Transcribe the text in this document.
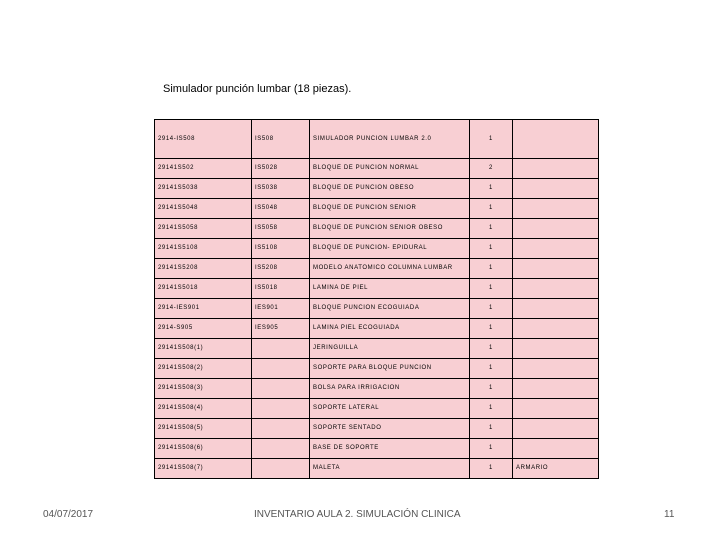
Simulador punción lumbar (18 piezas).
2914-IS508	IS508	SIMULADOR PUNCION LUMBAR 2.0	1	
29141S502	IS5028	BLOQUE DE PUNCION NORMAL	2	
29141S5038	IS5038	BLOQUE DE PUNCION OBESO	1	
29141S5048	IS5048	BLOQUE DE PUNCION SENIOR	1	
29141S5058	IS5058	BLOQUE DE PUNCION SENIOR OBESO	1	
29141S5108	IS5108	BLOQUE DE PUNCION- EPIDURAL	1	
29141S5208	IS5208	MODELO ANATOMICO COLUMNA LUMBAR	1	
29141S5018	IS5018	LAMINA DE PIEL	1	
2914-IES901	IES901	BLOQUE PUNCION ECOGUIADA	1	
2914-S905	IES905	LAMINA PIEL ECOGUIADA	1	
29141S508(1)		JERINGUILLA	1	
29141S508(2)		SOPORTE PARA BLOQUE PUNCION	1	
29141S508(3)		BOLSA PARA IRRIGACION	1	
29141S508(4)		SOPORTE LATERAL	1	
29141S508(5)		SOPORTE SENTADO	1	
29141S508(6)		BASE DE SOPORTE	1	
29141S508(7)		MALETA	1	ARMARIO
04/07/2017	INVENTARIO AULA 2. SIMULACIÓN CLINICA	11
